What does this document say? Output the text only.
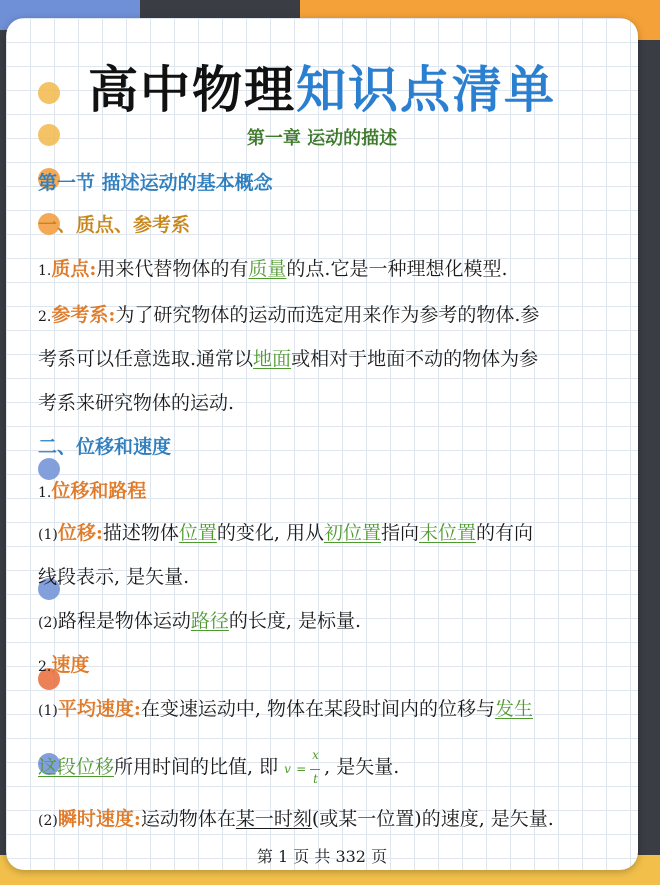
高中物理知识点清单
第一章 运动的描述
第一节 描述运动的基本概念
一、质点、参考系
1.质点:用来代替物体的有质量的点.它是一种理想化模型.
2.参考系:为了研究物体的运动而选定用来作为参考的物体.参
考系可以任意选取.通常以地面或相对于地面不动的物体为参
考系来研究物体的运动.
二、位移和速度
1.位移和路程
(1)位移:描述物体位置的变化, 用从初位置指向末位置的有向
线段表示, 是矢量.
(2)路程是物体运动路径的长度, 是标量.
2.速度
(1)平均速度:在变速运动中, 物体在某段时间内的位移与发生
这段位移所用时间的比值, 即 v =
x
t
, 是矢量.
(2)瞬时速度:运动物体在某一时刻(或某一位置)的速度, 是矢量.
第 1 页 共 332 页
